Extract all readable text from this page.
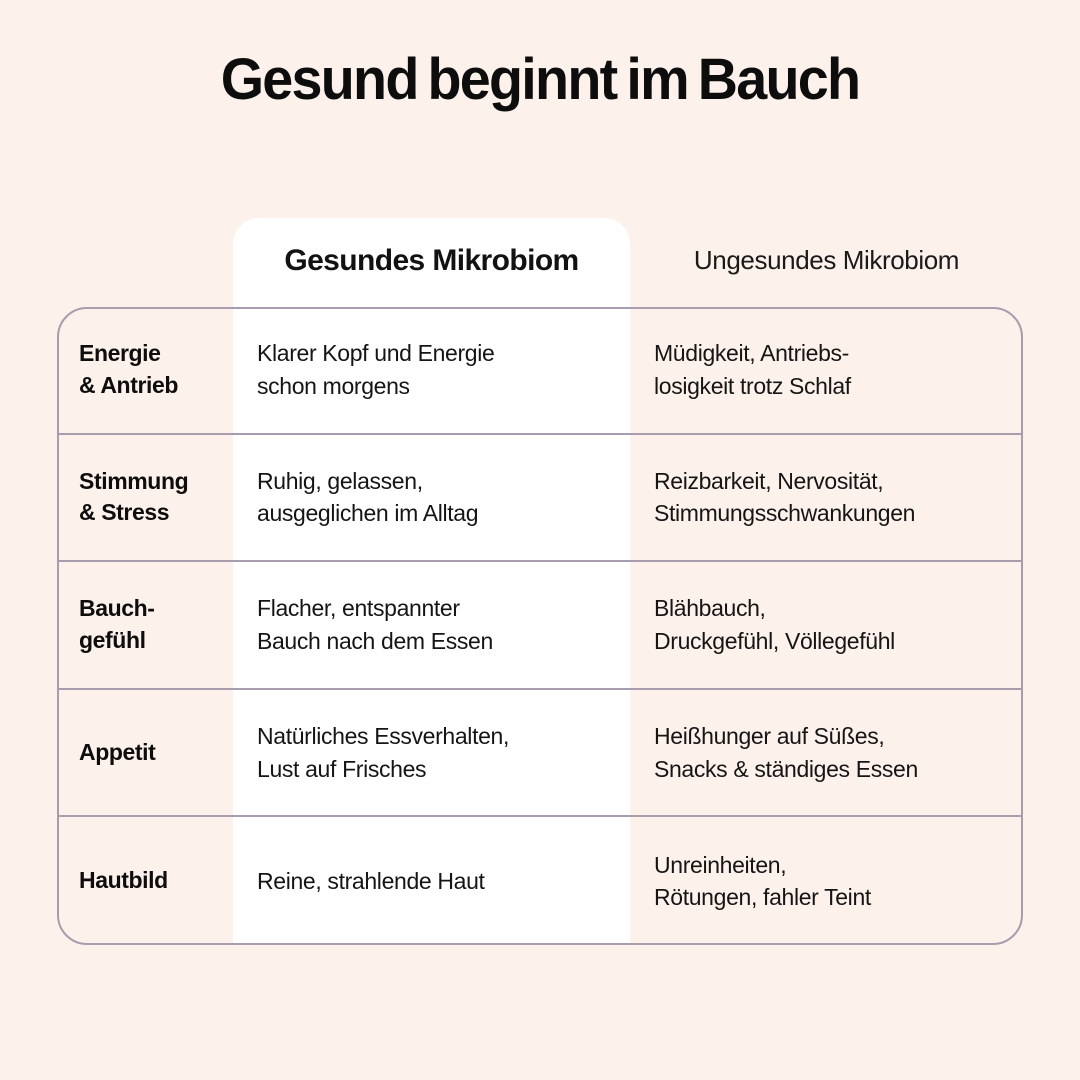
Gesund beginnt im Bauch
Gesundes Mikrobiom	Ungesundes Mikrobiom
Energie
& Antrieb
Klarer Kopf und Energie
schon morgens
Müdigkeit, Antriebs-
losigkeit trotz Schlaf
Stimmung
& Stress
Ruhig, gelassen,
ausgeglichen im Alltag
Reizbarkeit, Nervosität,
Stimmungsschwankungen
Bauch-
gefühl
Flacher, entspannter
Bauch nach dem Essen
Blähbauch,
Druckgefühl, Völlegefühl
Appetit
Natürliches Essverhalten,
Lust auf Frisches
Heißhunger auf Süßes,
Snacks & ständiges Essen
Hautbild	Reine, strahlende Haut
Unreinheiten,
Rötungen, fahler Teint
